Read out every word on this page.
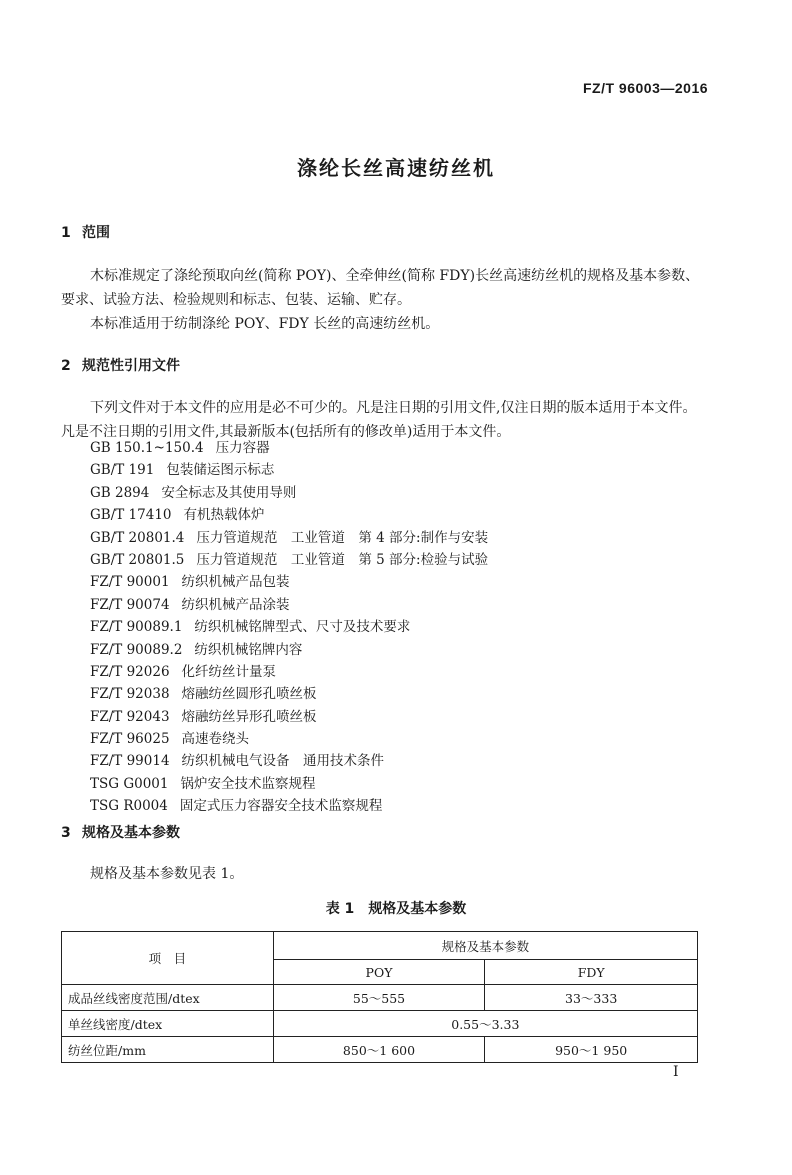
FZ/T 96003—2016
涤纶长丝高速纺丝机
1 范围
木标准规定了涤纶预取向丝(简称 POY)、全牵伸丝(简称 FDY)长丝高速纺丝机的规格及基本参数、要求、试验方法、检验规则和标志、包装、运输、贮存。
本标准适用于纺制涤纶 POY、FDY 长丝的高速纺丝机。
2 规范性引用文件
下列文件对于本文件的应用是必不可少的。凡是注日期的引用文件,仅注日期的版本适用于本文件。凡是不注日期的引用文件,其最新版本(包括所有的修改单)适用于本文件。
GB 150.1~150.4 压力容器
GB/T 191 包装储运图示标志
GB 2894 安全标志及其使用导则
GB/T 17410 有机热载体炉
GB/T 20801.4 压力管道规范　工业管道　第 4 部分:制作与安装
GB/T 20801.5 压力管道规范　工业管道　第 5 部分:检验与试验
FZ/T 90001 纺织机械产品包装
FZ/T 90074 纺织机械产品涂装
FZ/T 90089.1 纺织机械铭牌型式、尺寸及技术要求
FZ/T 90089.2 纺织机械铭牌内容
FZ/T 92026 化纤纺丝计量泵
FZ/T 92038 熔融纺丝圆形孔喷丝板
FZ/T 92043 熔融纺丝异形孔喷丝板
FZ/T 96025 高速卷绕头
FZ/T 99014 纺织机械电气设备　通用技术条件
TSG G0001 锅炉安全技术监察规程
TSG R0004 固定式压力容器安全技术监察规程
3 规格及基本参数
规格及基本参数见表 1。
表 1 规格及基本参数
项　目	规格及基本参数	
	POY	FDY
成品丝线密度范围/dtex	55～555	33～333
单丝线密度/dtex	0.55～3.33	
纺丝位距/mm	850～1 600	950～1 950
I
